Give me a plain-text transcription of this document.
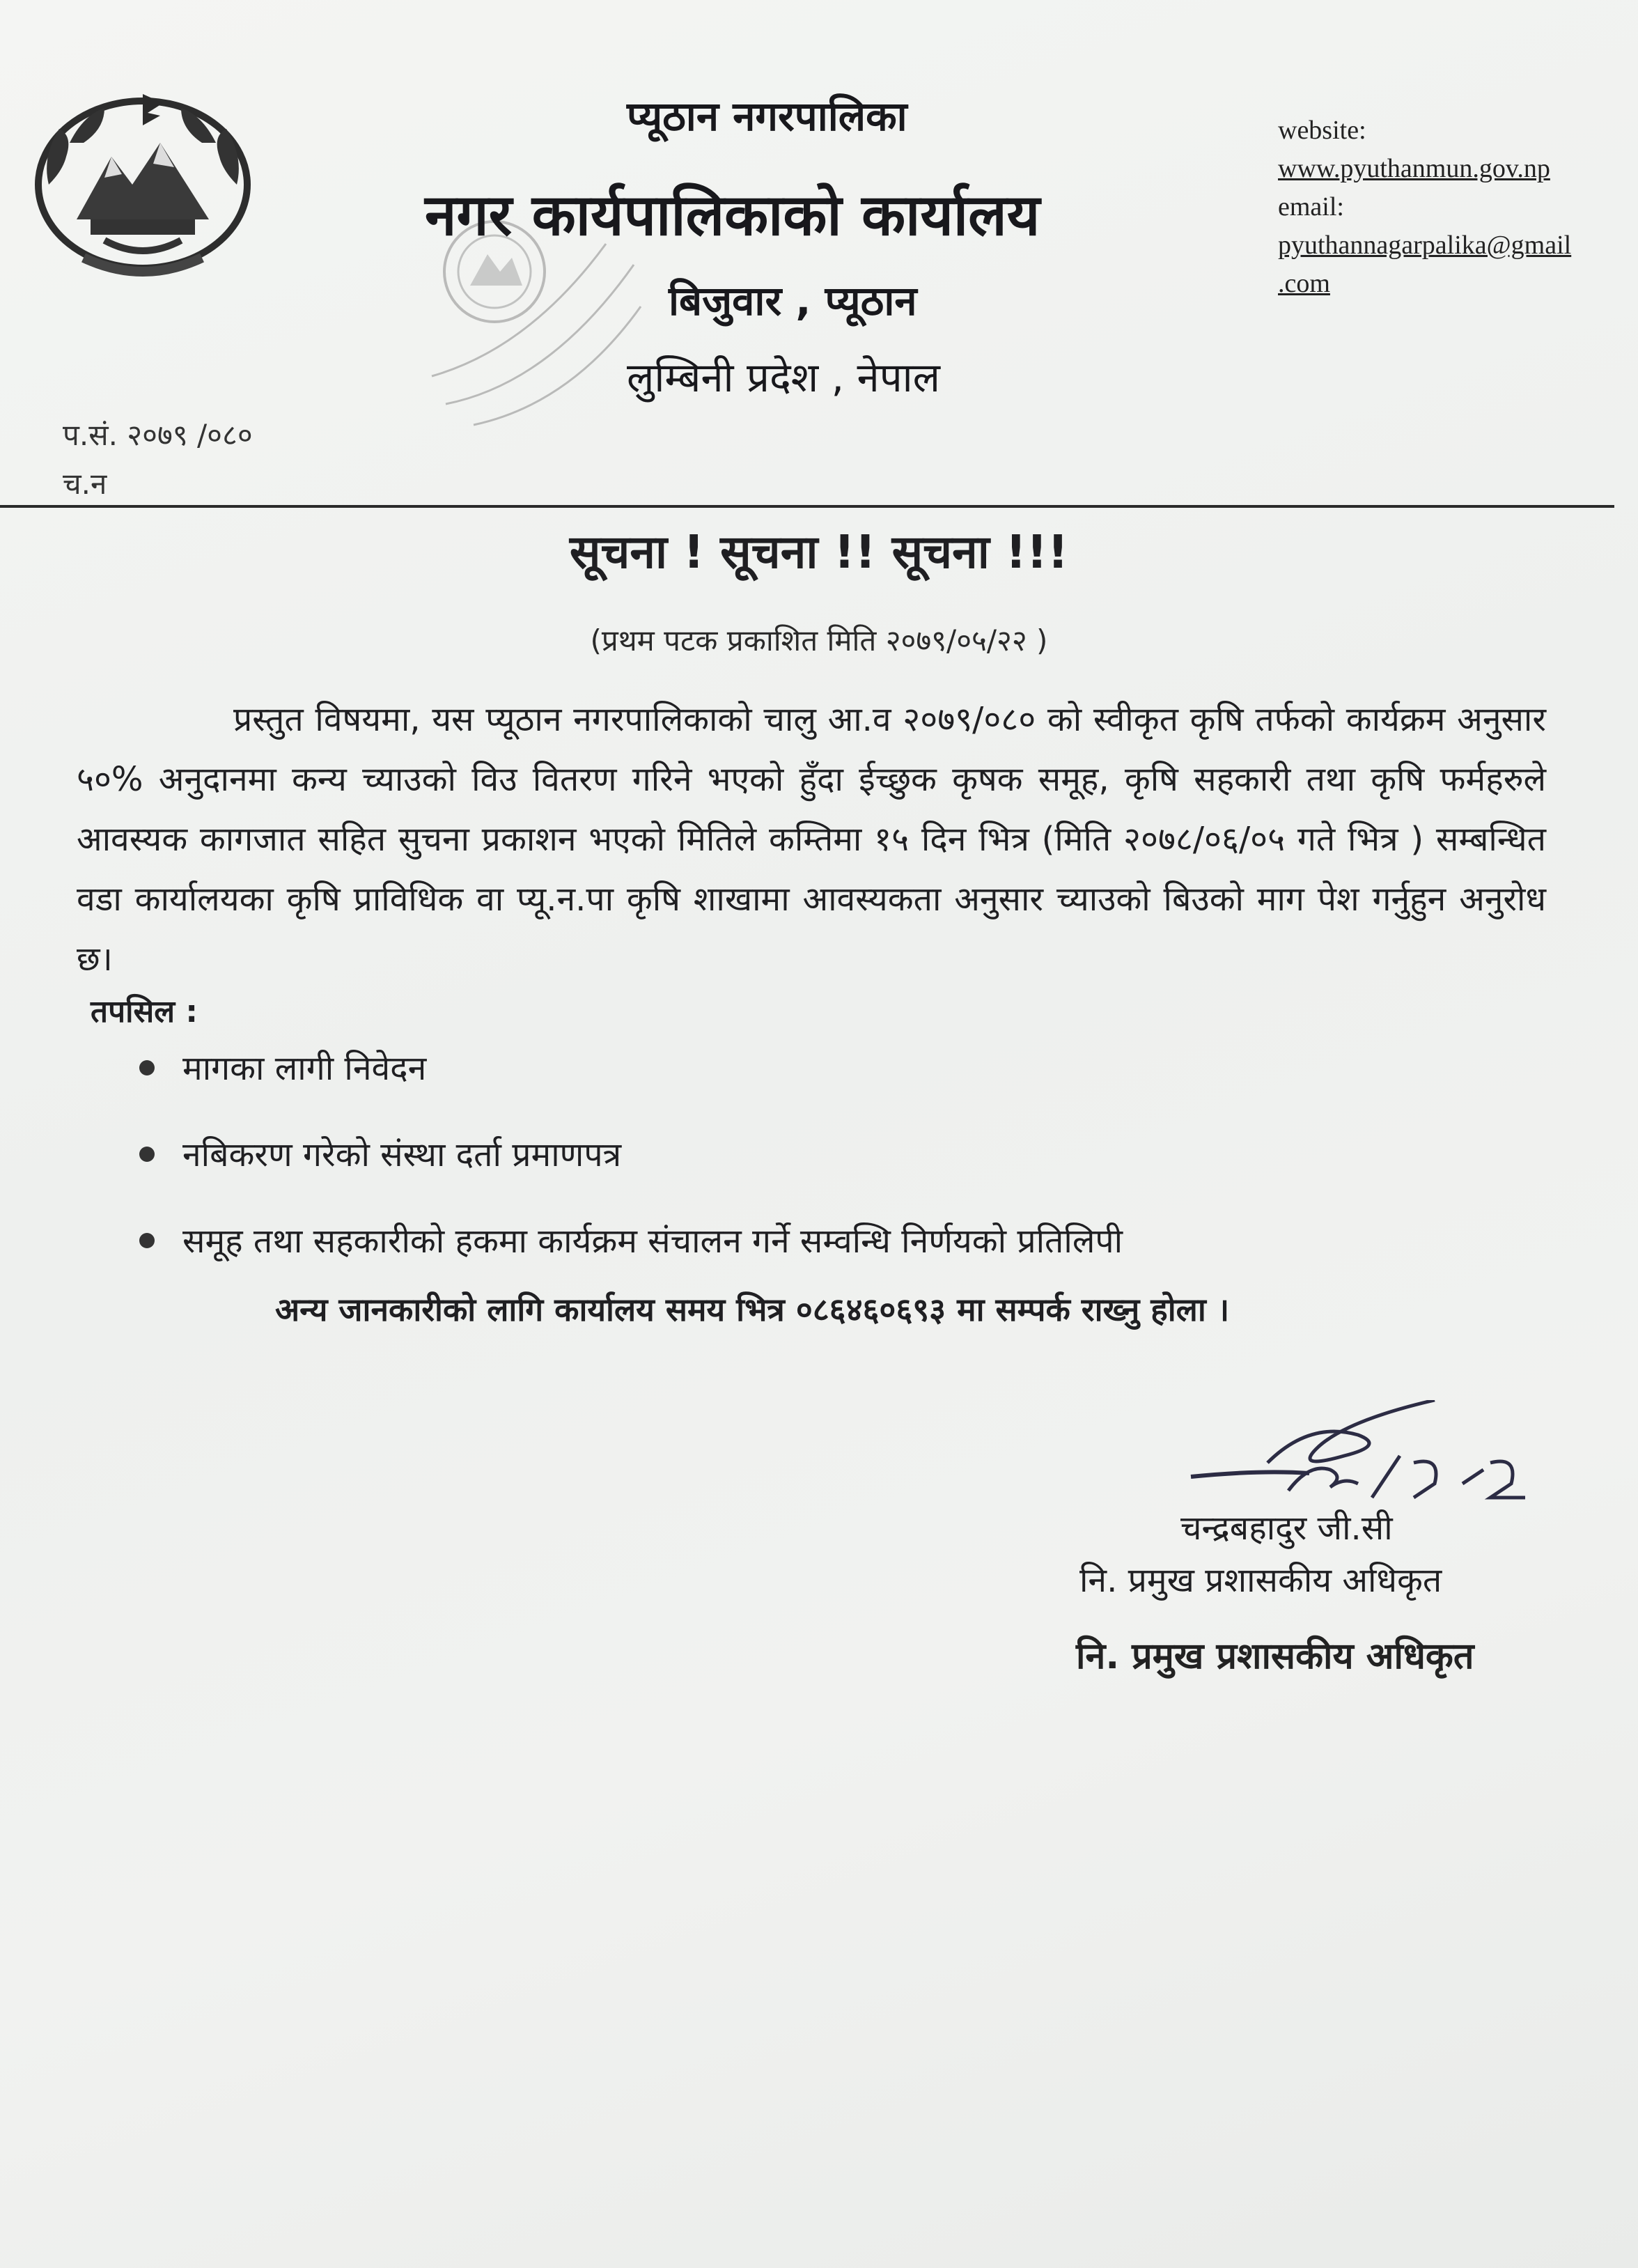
प्यूठान नगरपालिका
नगर कार्यपालिकाको कार्यालय
बिजुवार , प्यूठान
लुम्बिनी प्रदेश , नेपाल
website:
www.pyuthanmun.gov.np
email:
pyuthannagarpalika@gmail
.com
प.सं. २०७९ /०८०
च.न
सूचना ! सूचना !! सूचना !!!
(प्रथम पटक प्रकाशित मिति २०७९/०५/२२ )
प्रस्तुत विषयमा, यस प्यूठान नगरपालिकाको चालु आ.व २०७९/०८० को स्वीकृत कृषि तर्फको कार्यक्रम अनुसार ५०% अनुदानमा कन्य च्याउको विउ वितरण गरिने भएको हुँदा ईच्छुक कृषक समूह, कृषि सहकारी तथा कृषि फर्महरुले आवस्यक कागजात सहित सुचना प्रकाशन भएको मितिले कम्तिमा १५ दिन भित्र (मिति २०७८/०६/०५ गते भित्र ) सम्बन्धित वडा कार्यालयका कृषि प्राविधिक वा प्यू.न.पा कृषि शाखामा आवस्यकता अनुसार च्याउको बिउको माग पेश गर्नुहुन अनुरोध छ।
तपसिल :
मागका लागी निवेदन
नबिकरण गरेको संस्था दर्ता प्रमाणपत्र
समूह तथा सहकारीको हकमा कार्यक्रम संचालन गर्ने सम्वन्धि निर्णयको प्रतिलिपी
अन्य जानकारीको लागि कार्यालय समय भित्र ०८६४६०६९३ मा सम्पर्क राख्नु होला ।
चन्द्रबहादुर जी.सी
नि. प्रमुख प्रशासकीय अधिकृत
नि. प्रमुख प्रशासकीय अधिकृत
